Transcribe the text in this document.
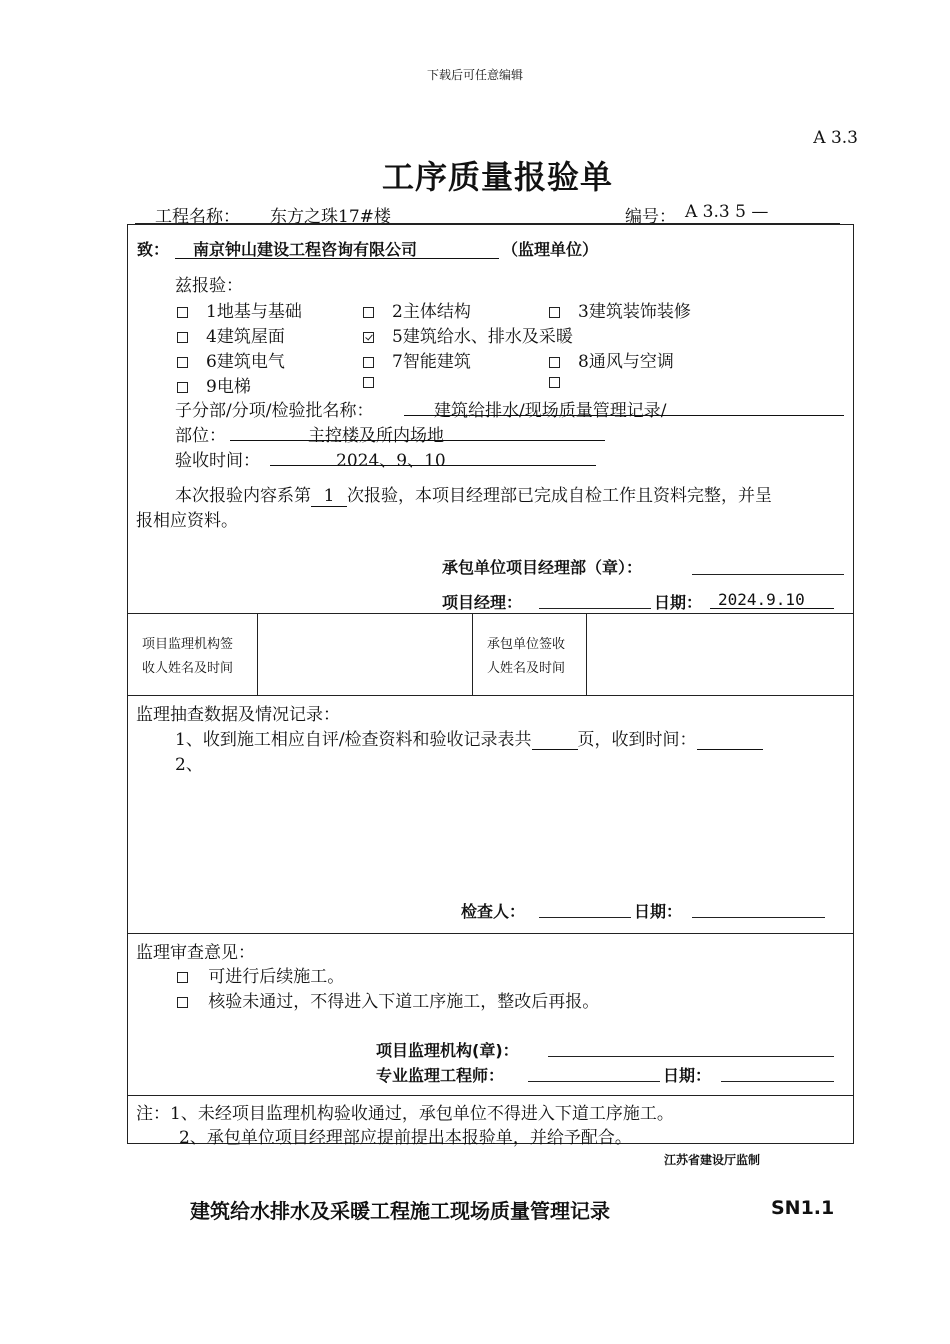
下载后可任意编辑
A 3.3
工序质量报验单
工程名称： 东方之珠17#楼	编号： A 3.3 5 —
致：	南京钟山建设工程咨询有限公司	（监理单位）
兹报验：
1地基与基础	2主体结构	3建筑装饰装修
4建筑屋面	5建筑给水、排水及采暖
6建筑电气	7智能建筑	8通风与空调
9电梯
子分部/分项/检验批名称：	建筑给排水/现场质量管理记录/
部位：	主控楼及所内场地
验收时间：	2024、9、10
本次报验内容系第 1 次报验，本项目经理部已完成自检工作且资料完整，并呈
报相应资料。
承包单位项目经理部（章）：
项目经理：	日期： 2024.9.10
项目监理机构签
收人姓名及时间
承包单位签收
人姓名及时间
监理抽查数据及情况记录：
1、收到施工相应自评/检查资料和验收记录表共	页，收到时间：
2、
检查人：	日期：
监理审查意见：
可进行后续施工。
核验未通过，不得进入下道工序施工，整改后再报。
项目监理机构(章)：
专业监理工程师：	日期：
注：1、未经项目监理机构验收通过，承包单位不得进入下道工序施工。
2、承包单位项目经理部应提前提出本报验单，并给予配合。
江苏省建设厅监制
建筑给水排水及采暖工程施工现场质量管理记录	SN1.1
